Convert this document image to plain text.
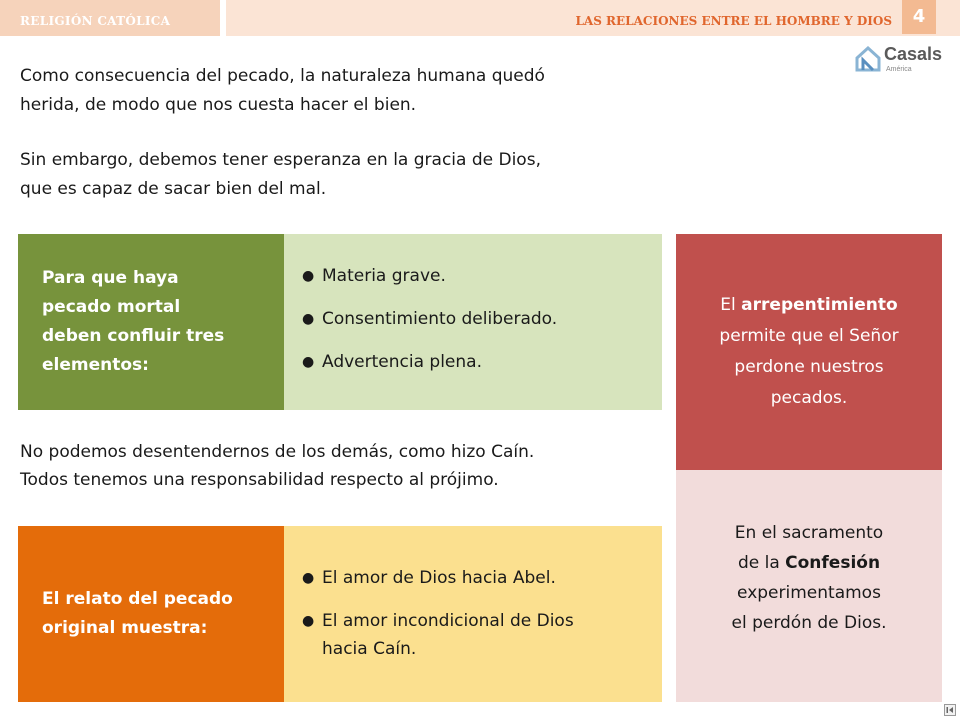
RELIGIÓN CATÓLICA	LAS RELACIONES ENTRE EL HOMBRE Y DIOS	4
Casals
América
Como consecuencia del pecado, la naturaleza humana quedó
herida, de modo que nos cuesta hacer el bien.
Sin embargo, debemos tener esperanza en la gracia de Dios,
que es capaz de sacar bien del mal.
Para que haya
pecado mortal
deben confluir tres
elementos:
● Materia grave.
● Consentimiento deliberado.
● Advertencia plena.
No podemos desentendernos de los demás, como hizo Caín.
Todos tenemos una responsabilidad respecto al prójimo.
El relato del pecado
original muestra:
● El amor de Dios hacia Abel.
● El amor incondicional de Dios
hacia Caín.
El arrepentimiento
permite que el Señor
perdone nuestros
pecados.
En el sacramento
de la Confesión
experimentamos
el perdón de Dios.
